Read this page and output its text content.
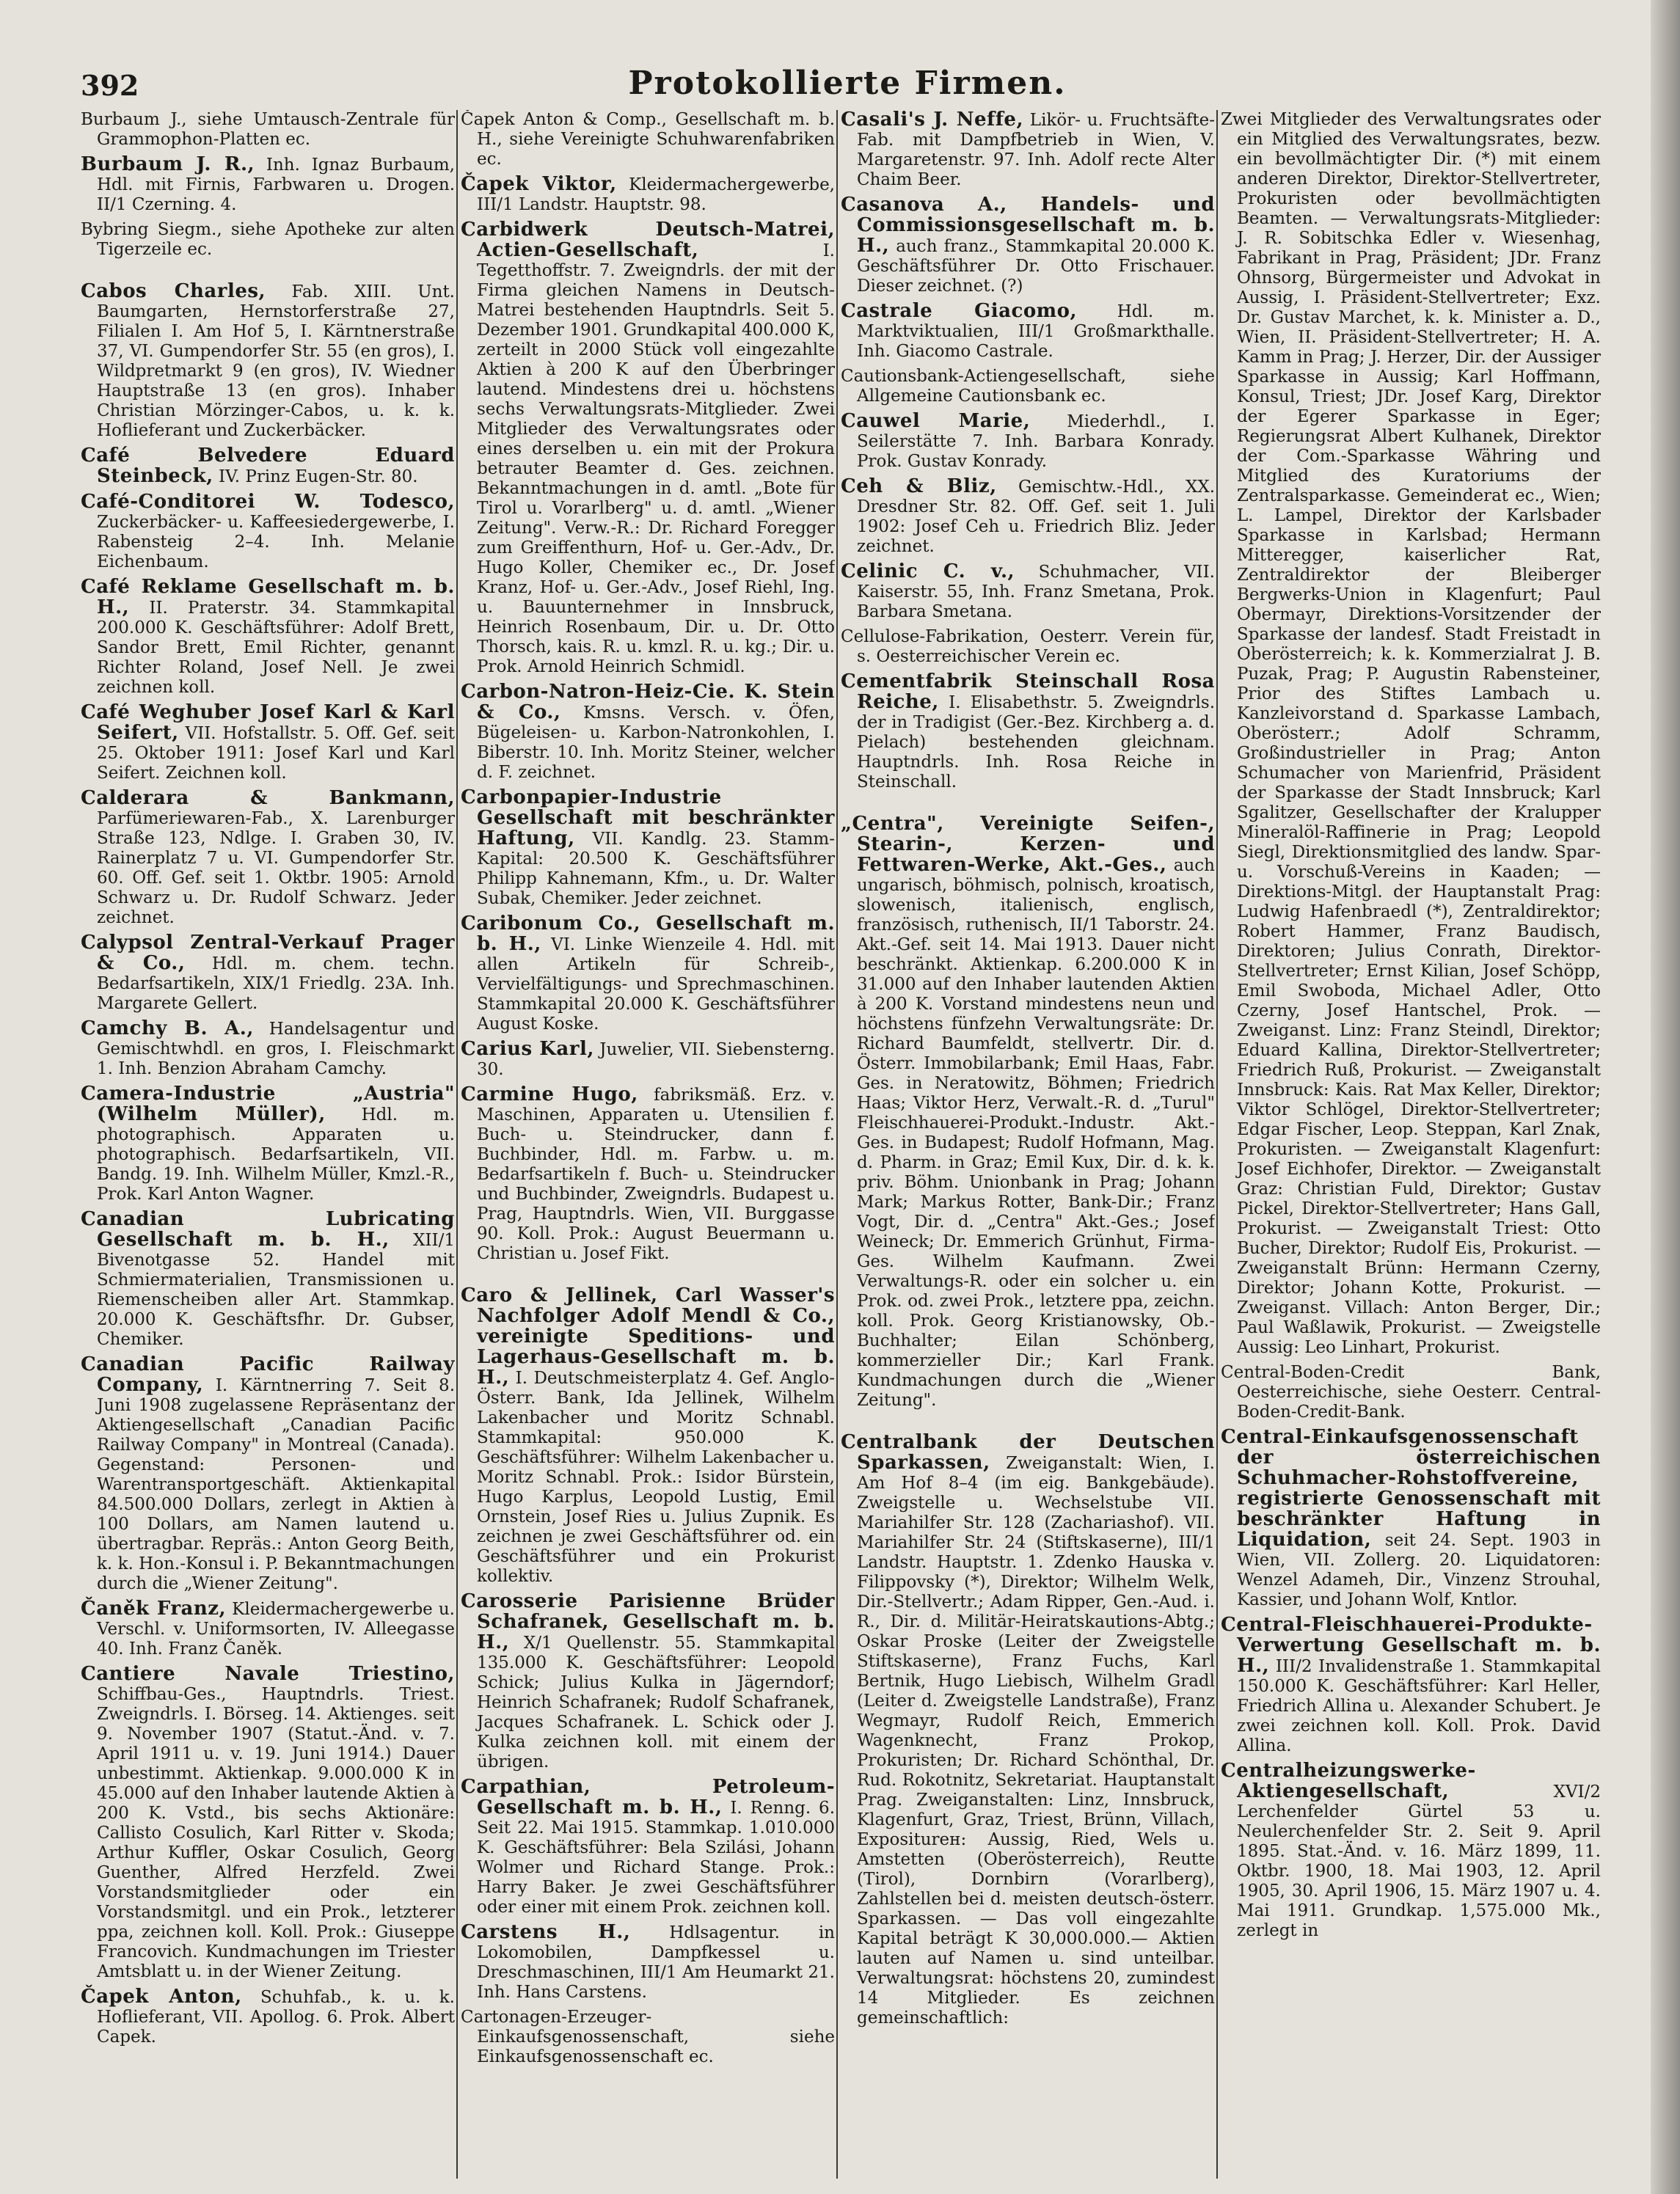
392	Protokollierte Firmen.
Burbaum J., siehe Umtausch-Zentrale für Grammophon-Platten ec.
Burbaum J. R., Inh. Ignaz Burbaum, Hdl. mit Firnis, Farbwaren u. Drogen. II/1 Czerning. 4.
Bybring Siegm., siehe Apotheke zur alten Tigerzeile ec.
Cabos Charles, Fab. XIII. Unt. Baumgarten, Hernstorferstraße 27, Filialen I. Am Hof 5, I. Kärntnerstraße 37, VI. Gumpendorfer Str. 55 (en gros), I. Wildpretmarkt 9 (en gros), IV. Wiedner Hauptstraße 13 (en gros). Inhaber Christian Mörzinger-Cabos, u. k. k. Hoflieferant und Zuckerbäcker.
Café Belvedere Eduard Steinbeck, IV. Prinz Eugen-Str. 80.
Café-Conditorei W. Todesco, Zuckerbäcker- u. Kaffeesiedergewerbe, I. Rabensteig 2–4. Inh. Melanie Eichenbaum.
Café Reklame Gesellschaft m. b. H., II. Praterstr. 34. Stammkapital 200.000 K. Geschäftsführer: Adolf Brett, Sandor Brett, Emil Richter, genannt Richter Roland, Josef Nell. Je zwei zeichnen koll.
Café Weghuber Josef Karl & Karl Seifert, VII. Hofstallstr. 5. Off. Gef. seit 25. Oktober 1911: Josef Karl und Karl Seifert. Zeichnen koll.
Calderara & Bankmann, Parfümeriewaren-Fab., X. Larenburger Straße 123, Ndlge. I. Graben 30, IV. Rainerplatz 7 u. VI. Gumpendorfer Str. 60. Off. Gef. seit 1. Oktbr. 1905: Arnold Schwarz u. Dr. Rudolf Schwarz. Jeder zeichnet.
Calypsol Zentral-Verkauf Prager & Co., Hdl. m. chem. techn. Bedarfsartikeln, XIX/1 Friedlg. 23A. Inh. Margarete Gellert.
Camchy B. A., Handelsagentur und Gemischtwhdl. en gros, I. Fleischmarkt 1. Inh. Benzion Abraham Camchy.
Camera-Industrie „Austria" (Wilhelm Müller), Hdl. m. photographisch. Apparaten u. photographisch. Bedarfsartikeln, VII. Bandg. 19. Inh. Wilhelm Müller, Kmzl.-R., Prok. Karl Anton Wagner.
Canadian Lubricating Gesellschaft m. b. H., XII/1 Bivenotgasse 52. Handel mit Schmiermaterialien, Transmissionen u. Riemenscheiben aller Art. Stammkap. 20.000 K. Geschäftsfhr. Dr. Gubser, Chemiker.
Canadian Pacific Railway Company, I. Kärntnerring 7. Seit 8. Juni 1908 zugelassene Repräsentanz der Aktiengesellschaft „Canadian Pacific Railway Company" in Montreal (Canada). Gegenstand: Personen- und Warentransportgeschäft. Aktienkapital 84.500.000 Dollars, zerlegt in Aktien à 100 Dollars, am Namen lautend u. übertragbar. Repräs.: Anton Georg Beith, k. k. Hon.-Konsul i. P. Bekanntmachungen durch die „Wiener Zeitung".
Čaněk Franz, Kleidermachergewerbe u. Verschl. v. Uniformsorten, IV. Alleegasse 40. Inh. Franz Čaněk.
Cantiere Navale Triestino, Schiffbau-Ges., Hauptndrls. Triest. Zweigndrls. I. Börseg. 14. Aktienges. seit 9. November 1907 (Statut.-Änd. v. 7. April 1911 u. v. 19. Juni 1914.) Dauer unbestimmt. Aktienkap. 9.000.000 K in 45.000 auf den Inhaber lautende Aktien à 200 K. Vstd., bis sechs Aktionäre: Callisto Cosulich, Karl Ritter v. Skoda; Arthur Kuffler, Oskar Cosulich, Georg Guenther, Alfred Herzfeld. Zwei Vorstandsmitglieder oder ein Vorstandsmitgl. und ein Prok., letzterer ppa, zeichnen koll. Koll. Prok.: Giuseppe Francovich. Kundmachungen im Triester Amtsblatt u. in der Wiener Zeitung.
Čapek Anton, Schuhfab., k. u. k. Hoflieferant, VII. Apollog. 6. Prok. Albert Capek.
Čapek Anton & Comp., Gesellschaft m. b. H., siehe Vereinigte Schuhwarenfabriken ec.
Čapek Viktor, Kleidermachergewerbe, III/1 Landstr. Hauptstr. 98.
Carbidwerk Deutsch-Matrei, Actien-Gesellschaft,	I. Tegetthoffstr. 7. Zweigndrls. der mit der Firma gleichen Namens in Deutsch-Matrei bestehenden Hauptndrls. Seit 5. Dezember 1901. Grundkapital 400.000 K, zerteilt in 2000 Stück voll eingezahlte Aktien à 200 K auf den Überbringer lautend. Mindestens drei u. höchstens sechs Verwaltungsrats-Mitglieder. Zwei Mitglieder des Verwaltungsrates oder eines derselben u. ein mit der Prokura betrauter Beamter d. Ges. zeichnen. Bekanntmachungen in d. amtl. „Bote für Tirol u. Vorarlberg" u. d. amtl. „Wiener Zeitung". Verw.-R.: Dr. Richard Foregger zum Greiffenthurn, Hof- u. Ger.-Adv., Dr. Hugo Koller, Chemiker ec., Dr. Josef Kranz, Hof- u. Ger.-Adv., Josef Riehl, Ing. u. Bauunternehmer in Innsbruck, Heinrich Rosenbaum, Dir. u. Dr. Otto Thorsch, kais. R. u. kmzl. R. u. kg.; Dir. u. Prok. Arnold Heinrich Schmidl.
Carbon-Natron-Heiz-Cie. K. Stein & Co., Kmsns. Versch. v. Öfen, Bügeleisen- u. Karbon-Natronkohlen, I. Biberstr. 10. Inh. Moritz Steiner, welcher d. F. zeichnet.
Carbonpapier-Industrie Gesellschaft mit beschränkter Haftung, VII. Kandlg. 23. Stamm-Kapital: 20.500 K. Geschäftsführer Philipp Kahnemann, Kfm., u. Dr. Walter Subak, Chemiker. Jeder zeichnet.
Caribonum Co., Gesellschaft m. b. H., VI. Linke Wienzeile 4. Hdl. mit allen Artikeln für Schreib-, Vervielfältigungs- und Sprechmaschinen. Stammkapital 20.000 K. Geschäftsführer August Koske.
Carius Karl, Juwelier, VII. Siebensterng. 30.
Carmine Hugo, fabriksmäß. Erz. v. Maschinen, Apparaten u. Utensilien f. Buch- u. Steindrucker, dann f. Buchbinder, Hdl. m. Farbw. u. m. Bedarfsartikeln f. Buch- u. Steindrucker und Buchbinder, Zweigndrls. Budapest u. Prag, Hauptndrls. Wien, VII. Burggasse 90. Koll. Prok.: August Beuermann u. Christian u. Josef Fikt.
Caro & Jellinek, Carl Wasser's Nachfolger Adolf Mendl & Co., vereinigte Speditions- und Lagerhaus-Gesellschaft m. b. H., I. Deutschmeisterplatz 4. Gef. Anglo-Österr. Bank, Ida Jellinek, Wilhelm Lakenbacher und Moritz Schnabl. Stammkapital: 950.000 K. Geschäftsführer: Wilhelm Lakenbacher u. Moritz Schnabl. Prok.: Isidor Bürstein, Hugo Karplus, Leopold Lustig, Emil Ornstein, Josef Ries u. Julius Zupnik. Es zeichnen je zwei Geschäftsführer od. ein Geschäftsführer und ein Prokurist kollektiv.
Carosserie Parisienne Brüder Schafranek, Gesellschaft m. b. H., X/1 Quellenstr. 55. Stammkapital 135.000 K. Geschäftsführer: Leopold Schick; Julius Kulka in Jägerndorf; Heinrich Schafranek; Rudolf Schafranek, Jacques Schafranek. L. Schick oder J. Kulka zeichnen koll. mit einem der übrigen.
Carpathian, Petroleum-Gesellschaft m. b. H., I. Renng. 6. Seit 22. Mai 1915. Stammkap. 1.010.000 K. Geschäftsführer: Bela Szilási, Johann Wolmer und Richard Stange. Prok.: Harry Baker. Je zwei Geschäftsführer oder einer mit einem Prok. zeichnen koll.
Carstens H., Hdlsagentur. in Lokomobilen, Dampfkessel u. Dreschmaschinen, III/1 Am Heumarkt 21. Inh. Hans Carstens.
Cartonagen-Erzeuger-Einkaufsgenossenschaft, siehe Einkaufsgenossenschaft ec.
Casali's J. Neffe, Likör- u. Fruchtsäfte-Fab. mit Dampfbetrieb in Wien, V. Margaretenstr. 97. Inh. Adolf recte Alter Chaim Beer.
Casanova A., Handels- und Commissionsgesellschaft m. b. H., auch franz., Stammkapital 20.000 K. Geschäftsführer Dr. Otto Frischauer. Dieser zeichnet. (?)
Castrale Giacomo, Hdl. m. Marktviktualien, III/1 Großmarkthalle. Inh. Giacomo Castrale.
Cautionsbank-Actiengesellschaft, siehe Allgemeine Cautionsbank ec.
Cauwel Marie, Miederhdl., I. Seilerstätte 7. Inh. Barbara Konrady. Prok. Gustav Konrady.
Ceh & Bliz, Gemischtw.-Hdl., XX. Dresdner Str. 82. Off. Gef. seit 1. Juli 1902: Josef Ceh u. Friedrich Bliz. Jeder zeichnet.
Celinic C. v., Schuhmacher, VII. Kaiserstr. 55, Inh. Franz Smetana, Prok. Barbara Smetana.
Cellulose-Fabrikation, Oesterr. Verein für, s. Oesterreichischer Verein ec.
Cementfabrik Steinschall Rosa Reiche, I. Elisabethstr. 5. Zweigndrls. der in Tradigist (Ger.-Bez. Kirchberg a. d. Pielach) bestehenden gleichnam. Hauptndrls. Inh. Rosa Reiche in Steinschall.
„Centra", Vereinigte Seifen-, Stearin-, Kerzen- und Fettwaren-Werke, Akt.-Ges., auch ungarisch, böhmisch, polnisch, kroatisch, slowenisch, italienisch, englisch, französisch, ruthenisch, II/1 Taborstr. 24. Akt.-Gef. seit 14. Mai 1913. Dauer nicht beschränkt. Aktienkap. 6.200.000 K in 31.000 auf den Inhaber lautenden Aktien à 200 K. Vorstand mindestens neun und höchstens fünfzehn Verwaltungsräte: Dr. Richard Baumfeldt, stellvertr. Dir. d. Österr. Immobilarbank; Emil Haas, Fabr. Ges. in Neratowitz, Böhmen; Friedrich Haas; Viktor Herz, Verwalt.-R. d. „Turul" Fleischhauerei-Produkt.-Industr. Akt.-Ges. in Budapest; Rudolf Hofmann, Mag. d. Pharm. in Graz; Emil Kux, Dir. d. k. k. priv. Böhm. Unionbank in Prag; Johann Mark; Markus Rotter, Bank-Dir.; Franz Vogt, Dir. d. „Centra" Akt.-Ges.; Josef Weineck; Dr. Emmerich Grünhut, Firma-Ges. Wilhelm Kaufmann. Zwei Verwaltungs-R. oder ein solcher u. ein Prok. od. zwei Prok., letztere ppa, zeichn. koll. Prok. Georg Kristianowsky, Ob.-Buchhalter; Eilan Schönberg, kommerzieller Dir.; Karl Frank. Kundmachungen durch die „Wiener Zeitung".
Centralbank der Deutschen Sparkassen, Zweiganstalt: Wien, I. Am Hof 8–4 (im eig. Bankgebäude). Zweigstelle u. Wechselstube VII. Mariahilfer Str. 128 (Zachariashof). VII. Mariahilfer Str. 24 (Stiftskaserne), III/1 Landstr. Hauptstr. 1. Zdenko Hauska v. Filippovsky (*), Direktor; Wilhelm Welk, Dir.-Stellvertr.; Adam Ripper, Gen.-Aud. i. R., Dir. d. Militär-Heiratskautions-Abtg.; Oskar Proske (Leiter der Zweigstelle Stiftskaserne), Franz Fuchs, Karl Bertnik, Hugo Liebisch, Wilhelm Gradl (Leiter d. Zweigstelle Landstraße), Franz Wegmayr, Rudolf Reich, Emmerich Wagenknecht, Franz Prokop, Prokuristen; Dr. Richard Schönthal, Dr. Rud. Rokotnitz, Sekretariat. Hauptanstalt Prag. Zweiganstalten: Linz, Innsbruck, Klagenfurt, Graz, Triest, Brünn, Villach, Expositurен: Aussig, Ried, Wels u. Amstetten (Oberösterreich), Reutte (Tirol), Dornbirn (Vorarlberg), Zahlstellen bei d. meisten deutsch-österr. Sparkassen. — Das voll eingezahlte Kapital beträgt K 30,000.000.— Aktien lauten auf Namen u. sind unteilbar. Verwaltungsrat: höchstens 20, zumindest 14 Mitglieder. Es zeichnen gemeinschaftlich:
Zwei Mitglieder des Verwaltungsrates oder ein Mitglied des Verwaltungsrates, bezw. ein bevollmächtigter Dir. (*) mit einem anderen Direktor, Direktor-Stellvertreter, Prokuristen oder bevollmächtigten Beamten. — Verwaltungsrats-Mitglieder: J. R. Sobitschka Edler v. Wiesenhag, Fabrikant in Prag, Präsident; JDr. Franz Ohnsorg, Bürgermeister und Advokat in Aussig, I. Präsident-Stellvertreter; Exz. Dr. Gustav Marchet, k. k. Minister a. D., Wien, II. Präsident-Stellvertreter; H. A. Kamm in Prag; J. Herzer, Dir. der Aussiger Sparkasse in Aussig; Karl Hoffmann, Konsul, Triest; JDr. Josef Karg, Direktor der Egerer Sparkasse in Eger; Regierungsrat Albert Kulhanek, Direktor der Com.-Sparkasse Währing und Mitglied des Kuratoriums der Zentralsparkasse. Gemeinderat ec., Wien; L. Lampel, Direktor der Karlsbader Sparkasse in Karlsbad; Hermann Mitteregger, kaiserlicher Rat, Zentraldirektor der Bleiberger Bergwerks-Union in Klagenfurt; Paul Obermayr, Direktions-Vorsitzender der Sparkasse der landesf. Stadt Freistadt in Oberösterreich; k. k. Kommerzialrat J. B. Puzak, Prag; P. Augustin Rabensteiner, Prior des Stiftes Lambach u. Kanzleivorstand d. Sparkasse Lambach, Oberösterr.; Adolf Schramm, Großindustrieller in Prag; Anton Schumacher von Marienfrid, Präsident der Sparkasse der Stadt Innsbruck; Karl Sgalitzer, Gesellschafter der Kralupper Mineralöl-Raffinerie in Prag; Leopold Siegl, Direktionsmitglied des landw. Spar- u. Vorschuß-Vereins in Kaaden; — Direktions-Mitgl. der Hauptanstalt Prag: Ludwig Hafenbraedl (*), Zentraldirektor; Robert Hammer, Franz Baudisch, Direktoren; Julius Conrath, Direktor-Stellvertreter; Ernst Kilian, Josef Schöpp, Emil Swoboda, Michael Adler, Otto Czerny, Josef Hantschel, Prok. — Zweiganst. Linz: Franz Steindl, Direktor; Eduard Kallina, Direktor-Stellvertreter; Friedrich Ruß, Prokurist. — Zweiganstalt Innsbruck: Kais. Rat Max Keller, Direktor; Viktor Schlögel, Direktor-Stellvertreter; Edgar Fischer, Leop. Steppan, Karl Znak, Prokuristen. — Zweiganstalt Klagenfurt: Josef Eichhofer, Direktor. — Zweiganstalt Graz: Christian Fuld, Direktor; Gustav Pickel, Direktor-Stellvertreter; Hans Gall, Prokurist. — Zweiganstalt Triest: Otto Bucher, Direktor; Rudolf Eis, Prokurist. — Zweiganstalt Brünn: Hermann Czerny, Direktor; Johann Kotte, Prokurist. — Zweiganst. Villach: Anton Berger, Dir.; Paul Waßlawik, Prokurist. — Zweigstelle Aussig: Leo Linhart, Prokurist.
Central-Boden-Credit Bank, Oesterreichische, siehe Oesterr. Central-Boden-Credit-Bank.
Central-Einkaufsgenossenschaft der österreichischen Schuhmacher-Rohstoffvereine, registrierte Genossenschaft mit beschränkter Haftung in Liquidation, seit 24. Sept. 1903 in Wien, VII. Zollerg. 20. Liquidatoren: Wenzel Adameh, Dir., Vinzenz Strouhal, Kassier, und Johann Wolf, Kntlor.
Central-Fleischhauerei-Produkte-Verwertung Gesellschaft m. b. H., III/2 Invalidenstraße 1. Stammkapital 150.000 K. Geschäftsführer: Karl Heller, Friedrich Allina u. Alexander Schubert. Je zwei zeichnen koll. Koll. Prok. David Allina.
Centralheizungswerke-Aktiengesellschaft,	XVI/2 Lerchenfelder Gürtel 53 u. Neulerchenfelder Str. 2. Seit 9. April 1895. Stat.-Änd. v. 16. März 1899, 11. Oktbr. 1900, 18. Mai 1903, 12. April 1905, 30. April 1906, 15. März 1907 u. 4. Mai 1911. Grundkap. 1,575.000 Mk., zerlegt in
